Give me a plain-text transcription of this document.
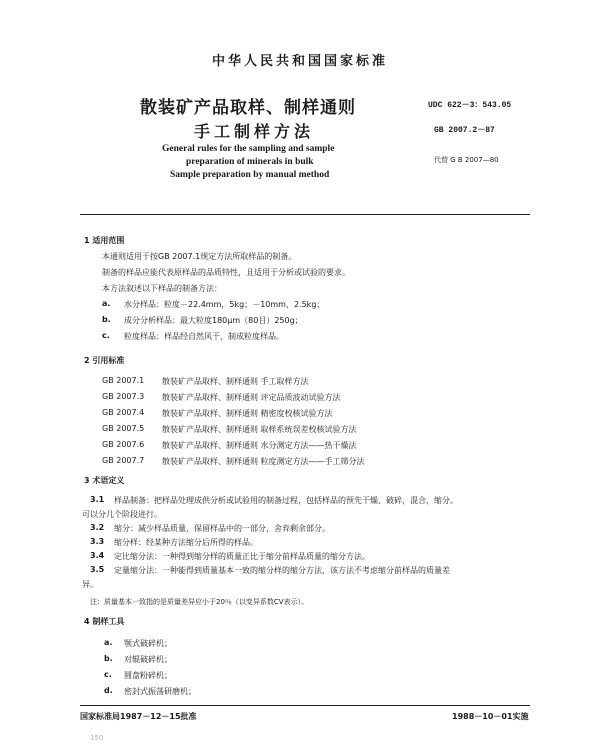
中华人民共和国国家标准
散装矿产品取样、制样通则
手工制样方法
General rules for the sampling and sample
preparation of minerals in bulk
Sample preparation by manual method
UDC 622－3：543.05
GB 2007.2－87
代替 G B 2007—80
1 适用范围
本通则适用于按GB 2007.1规定方法所取样品的制备。
制备的样品应能代表原样品的品质特性，且适用于分析或试验的要求。
本方法叙述以下样品的制备方法：
a. 水分样品：粒度－22.4mm，5kg；－10mm，2.5kg；
b. 成分分析样品：最大粒度180μm（80目）250g；
c. 粒度样品：样品经自然风干，制成粒度样品。
2 引用标准
GB 2007.1 散装矿产品取样、制样通则 手工取样方法
GB 2007.3 散装矿产品取样、制样通则 评定品质波动试验方法
GB 2007.4 散装矿产品取样、制样通则 精密度校核试验方法
GB 2007.5 散装矿产品取样、制样通则 取样系统误差校核试验方法
GB 2007.6 散装矿产品取样、制样通则 水分测定方法——热干燥法
GB 2007.7 散装矿产品取样、制样通则 粒度测定方法——手工筛分法
3 术语定义
3.1 样品制备：把样品处理成供分析或试验用的制备过程，包括样品的预先干燥、破碎，混合，缩分。
可以分几个阶段进行。
3.2 缩分：减少样品质量，保留样品中的一部分，舍弃剩余部分。
3.3 缩分样：经某种方法缩分后所得的样品。
3.4 定比缩分法：一种得到缩分样的质量正比于缩分前样品质量的缩分方法。
3.5 定量缩分法：一种能得到质量基本一致的缩分样的缩分方法，该方法不考虑缩分前样品的质量差
异。
注：质量基本一致指的是质量差异应小于20％（以变异系数CV表示）。
4 制样工具
a. 颚式破碎机；
b. 对辊破碎机；
c. 圆盘粉碎机；
d. 密封式振荡研磨机；
国家标准局1987－12－15批准	1988－10－01实施
150
